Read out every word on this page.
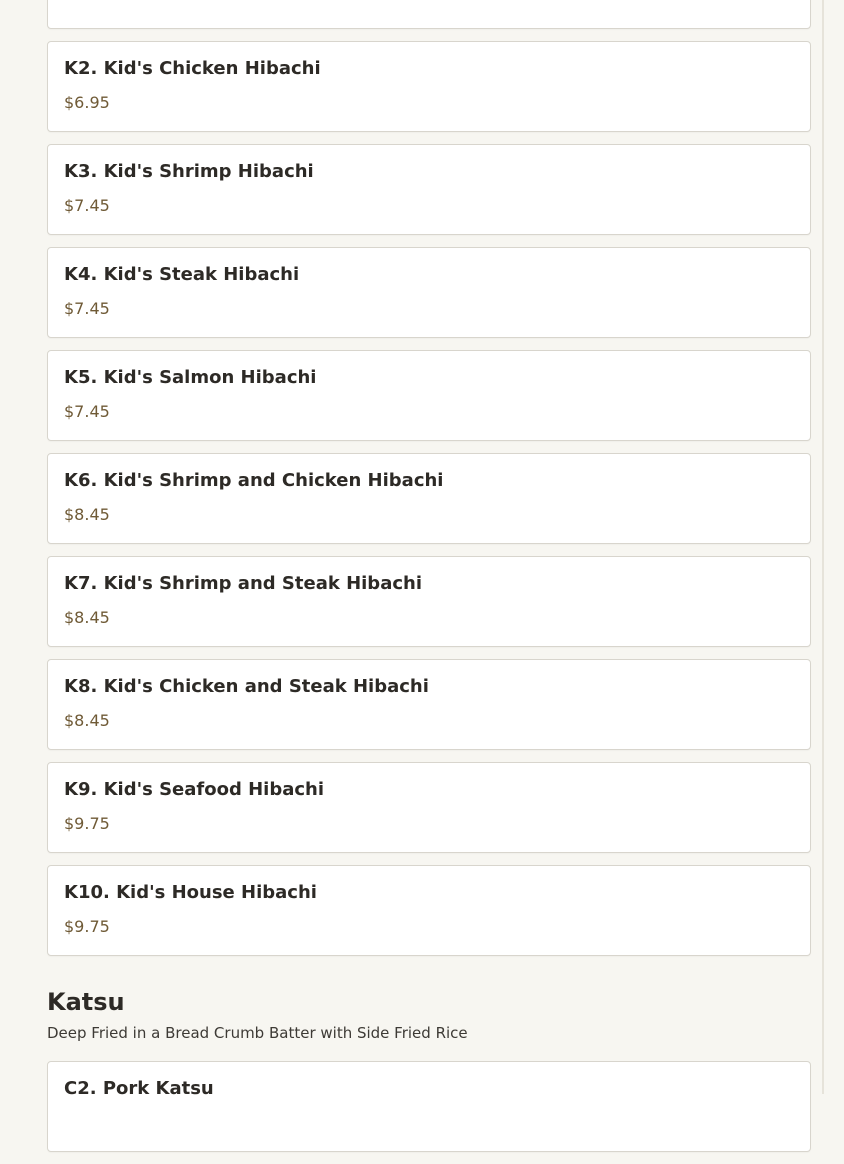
K2. Kid's Chicken Hibachi
$6.95
K3. Kid's Shrimp Hibachi
$7.45
K4. Kid's Steak Hibachi
$7.45
K5. Kid's Salmon Hibachi
$7.45
K6. Kid's Shrimp and Chicken Hibachi
$8.45
K7. Kid's Shrimp and Steak Hibachi
$8.45
K8. Kid's Chicken and Steak Hibachi
$8.45
K9. Kid's Seafood Hibachi
$9.75
K10. Kid's House Hibachi
$9.75
Katsu
Deep Fried in a Bread Crumb Batter with Side Fried Rice
C2. Pork Katsu
